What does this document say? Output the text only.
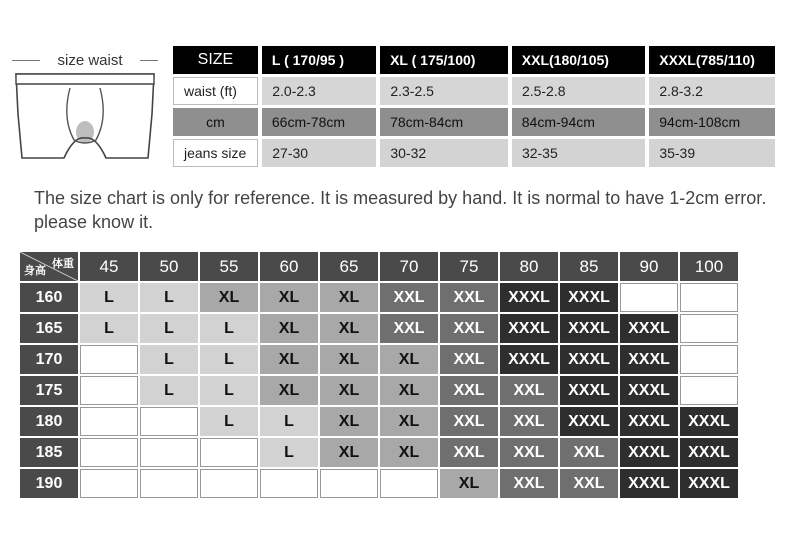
size waist	SIZE	L ( 170/95 )	XL ( 175/100)	XXL(180/105)	XXXL(785/110)
waist (ft)	2.0-2.3	2.3-2.5	2.5-2.8	2.8-3.2
cm	66cm-78cm	78cm-84cm	84cm-94cm	94cm-108cm
jeans size	27-30	30-32	32-35	35-39
The size chart is only for reference. It is measured by hand. It is normal to have 1-2cm error. please know it.
体重
身高	45	50	55	60	65	70	75	80	85	90	100
160	L	L	XL	XL	XL	XXL	XXL	XXXL	XXXL		
165	L	L	L	XL	XL	XXL	XXL	XXXL	XXXL	XXXL	
170		L	L	XL	XL	XL	XXL	XXXL	XXXL	XXXL	
175		L	L	XL	XL	XL	XXL	XXL	XXXL	XXXL	
180			L	L	XL	XL	XXL	XXL	XXXL	XXXL	XXXL
185				L	XL	XL	XXL	XXL	XXL	XXXL	XXXL
190							XL	XXL	XXL	XXXL	XXXL
